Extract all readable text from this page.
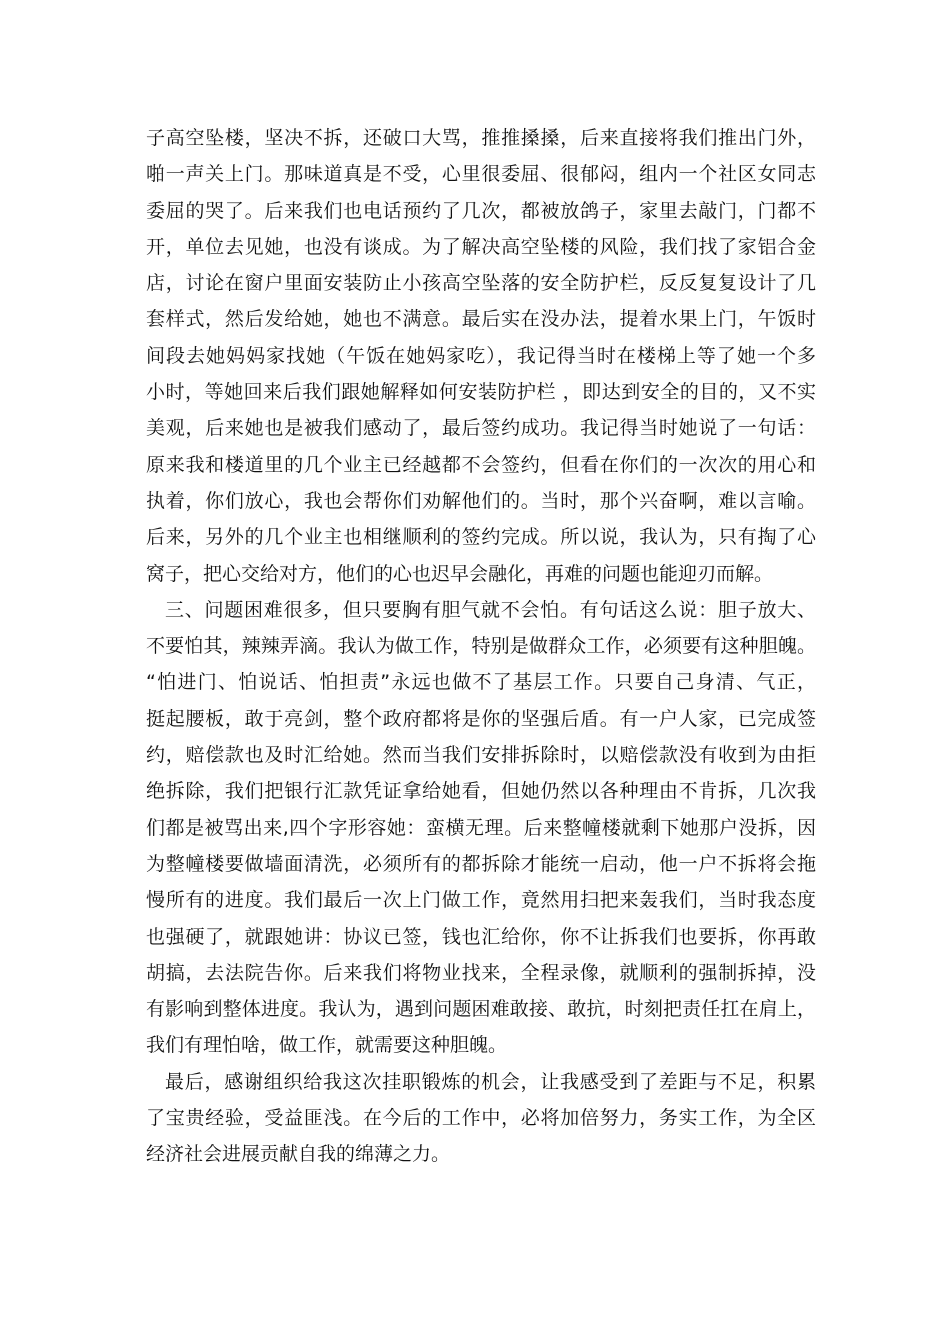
子高空坠楼，坚决不拆，还破口大骂，推推搡搡，后来直接将我们推出门外，
啪一声关上门。那味道真是不受，心里很委屈、很郁闷，组内一个社区女同志
委屈的哭了。后来我们也电话预约了几次，都被放鸽子，家里去敲门，门都不
开，单位去见她，也没有谈成。为了解决高空坠楼的风险，我们找了家铝合金
店，讨论在窗户里面安装防止小孩高空坠落的安全防护栏，反反复复设计了几
套样式，然后发给她，她也不满意。最后实在没办法，提着水果上门，午饭时
间段去她妈妈家找她（午饭在她妈家吃），我记得当时在楼梯上等了她一个多
小时，等她回来后我们跟她解释如何安装防护栏 ，即达到安全的目的，又不实
美观，后来她也是被我们感动了，最后签约成功。我记得当时她说了一句话：
原来我和楼道里的几个业主已经越都不会签约，但看在你们的一次次的用心和
执着，你们放心，我也会帮你们劝解他们的。当时，那个兴奋啊，难以言喻。
后来，另外的几个业主也相继顺利的签约完成。所以说，我认为，只有掏了心
窝子，把心交给对方，他们的心也迟早会融化，再难的问题也能迎刃而解。
三、问题困难很多，但只要胸有胆气就不会怕。有句话这么说：胆子放大、
不要怕其，辣辣弄滴。我认为做工作，特别是做群众工作，必须要有这种胆魄。
“怕进门、怕说话、怕担责”永远也做不了基层工作。只要自己身清、气正，
挺起腰板，敢于亮剑，整个政府都将是你的坚强后盾。有一户人家，已完成签
约，赔偿款也及时汇给她。然而当我们安排拆除时，以赔偿款没有收到为由拒
绝拆除，我们把银行汇款凭证拿给她看，但她仍然以各种理由不肯拆，几次我
们都是被骂出来,四个字形容她：蛮横无理。后来整幢楼就剩下她那户没拆，因
为整幢楼要做墙面清洗，必须所有的都拆除才能统一启动，他一户不拆将会拖
慢所有的进度。我们最后一次上门做工作，竟然用扫把来轰我们，当时我态度
也强硬了，就跟她讲：协议已签，钱也汇给你，你不让拆我们也要拆，你再敢
胡搞，去法院告你。后来我们将物业找来，全程录像，就顺利的强制拆掉，没
有影响到整体进度。我认为，遇到问题困难敢接、敢抗，时刻把责任扛在肩上，
我们有理怕啥，做工作，就需要这种胆魄。
最后，感谢组织给我这次挂职锻炼的机会，让我感受到了差距与不足，积累
了宝贵经验，受益匪浅。在今后的工作中，必将加倍努力，务实工作，为全区
经济社会进展贡献自我的绵薄之力。
